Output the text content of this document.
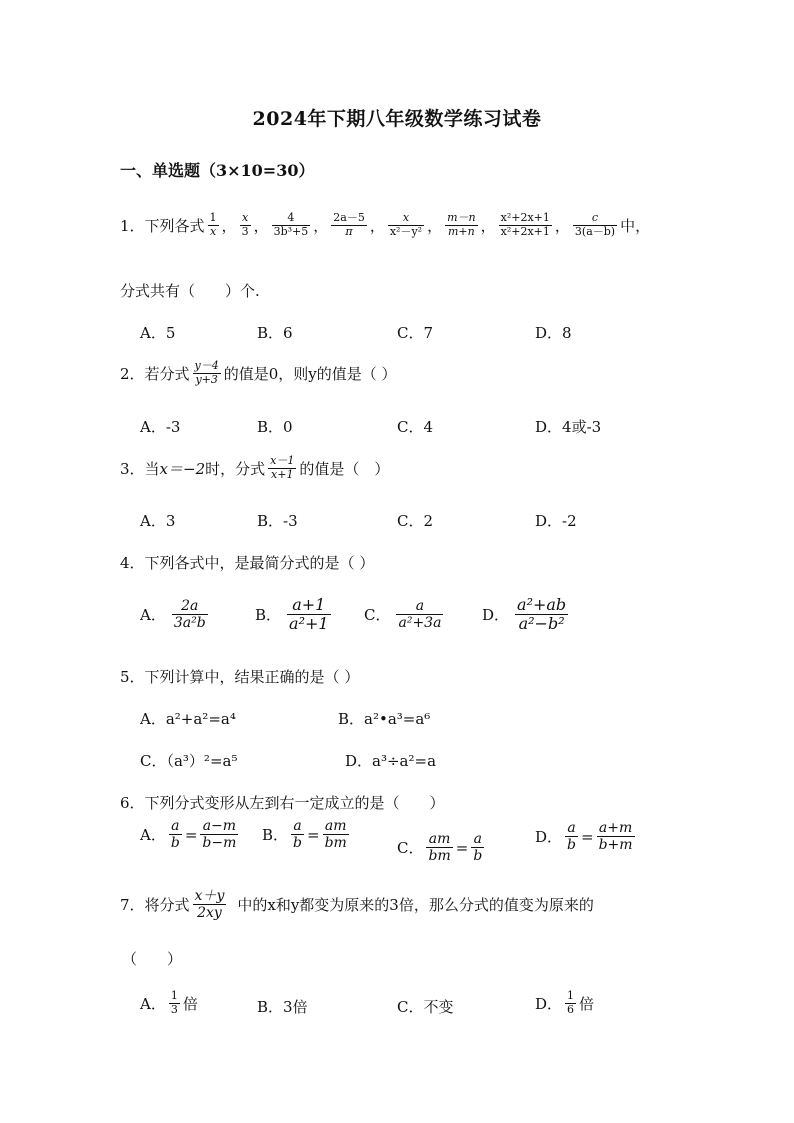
2024年下期八年级数学练习试卷
一、单选题（3×10=30）
1．下列各式 $\frac{1}{x}$ ， $\frac{x}{3}$ ， $\frac{4}{\text{3b³+5}}$ ， $\frac{2a-5}{\pi}$ ， $\frac{x}{\text{x²－y²}}$ ， $\frac{m-n}{m+n}$ ， $\frac{\text{x²+2x+1}}{\text{x²+2x+1}}$ ， $\frac{c}{3(a-b)}$ 中，
分式共有（　　）个.
A．5	B．6	C．7	D．8
2．若分式 $\frac{y-4}{y+3}$ 的值是0，则y的值是（ ）
A．-3	B．0	C．4	D．4或-3
3．当 x＝−2 时，分式 $\frac{x-1}{x+1}$ 的值是（　）
A．3	B．-3	C．2	D．-2
4．下列各式中，是最简分式的是（ ）
A． $\frac{2a}{\text{3a²b}}$	B． $\frac{a+1}{\text{a²+1}}$ C． $\frac{a}{\text{a²+3a}}$	D． $\frac{\text{a²+ab}}{\text{a²−b²}}$
5．下列计算中，结果正确的是（ ）
A．a²+a²=a⁴	B．a²•a³=a⁶
C．（a³）²=a⁵	D．a³÷a²=a
6．下列分式变形从左到右一定成立的是（　　）
A． $\frac{a}{b} = \frac{a-m}{b-m}$ B． $\frac{a}{b} = \frac{am}{bm}$	C． $\frac{am}{bm} = \frac{a}{b}$	D． $\frac{a}{b} = \frac{a+m}{b+m}$
7．将分式 $\frac{x+y}{2xy}$ 中的x和y都变为原来的3倍，那么分式的值变为原来的
（　　）
A． $\frac{1}{3}$ 倍	B．3倍	C．不变	D． $\frac{1}{6}$ 倍
